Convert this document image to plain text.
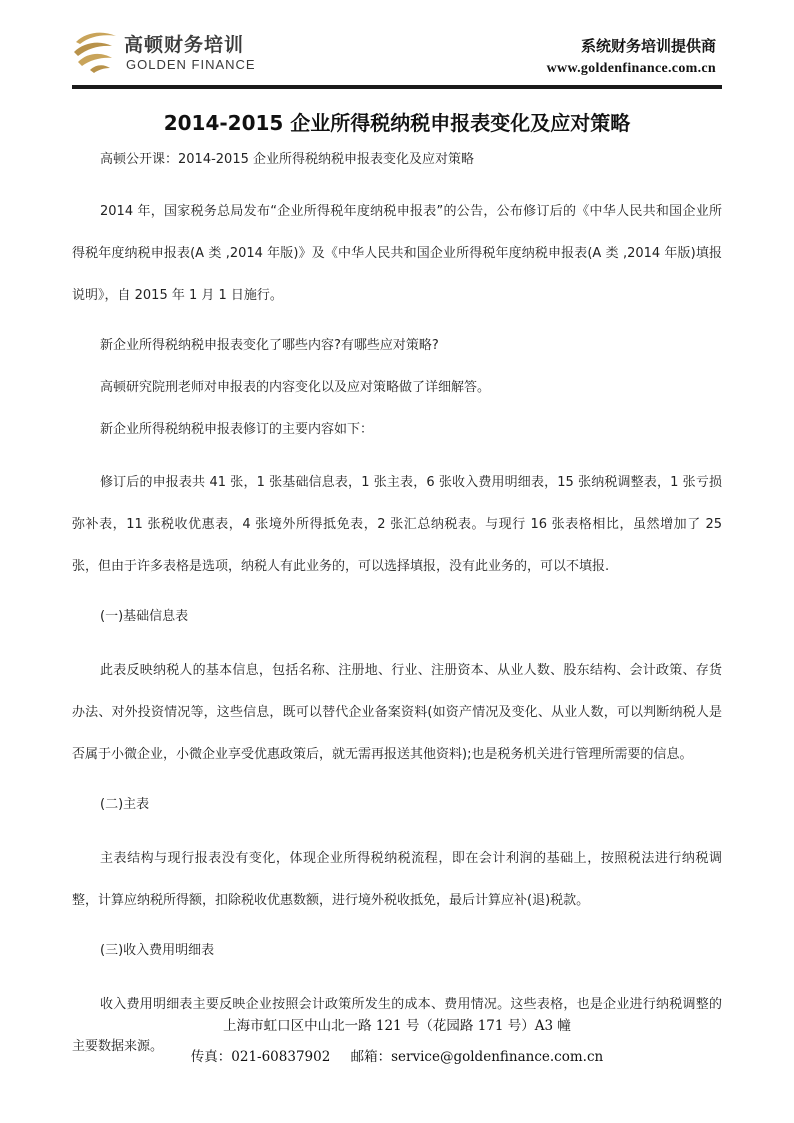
高顿财务培训
GOLDEN FINANCE
系统财务培训提供商
www.goldenfinance.com.cn
2014-2015 企业所得税纳税申报表变化及应对策略

高顿公开课：2014-2015 企业所得税纳税申报表变化及应对策略

2014 年，国家税务总局发布“企业所得税年度纳税申报表”的公告，公布修订后的《中华人民共和国企业所得税年度纳税申报表(A 类 ,2014 年版)》及《中华人民共和国企业所得税年度纳税申报表(A 类 ,2014 年版)填报说明》，自 2015 年 1 月 1 日施行。

新企业所得税纳税申报表变化了哪些内容?有哪些应对策略?

高顿研究院刑老师对申报表的内容变化以及应对策略做了详细解答。

新企业所得税纳税申报表修订的主要内容如下：

修订后的申报表共 41 张，1 张基础信息表，1 张主表，6 张收入费用明细表，15 张纳税调整表，1 张亏损弥补表，11 张税收优惠表，4 张境外所得抵免表，2 张汇总纳税表。与现行 16 张表格相比，虽然增加了 25 张，但由于许多表格是选项，纳税人有此业务的，可以选择填报，没有此业务的，可以不填报.

(一)基础信息表

此表反映纳税人的基本信息，包括名称、注册地、行业、注册资本、从业人数、股东结构、会计政策、存货办法、对外投资情况等，这些信息，既可以替代企业备案资料(如资产情况及变化、从业人数，可以判断纳税人是否属于小微企业，小微企业享受优惠政策后，就无需再报送其他资料);也是税务机关进行管理所需要的信息。

(二)主表

主表结构与现行报表没有变化，体现企业所得税纳税流程，即在会计利润的基础上，按照税法进行纳税调整，计算应纳税所得额，扣除税收优惠数额，进行境外税收抵免，最后计算应补(退)税款。

(三)收入费用明细表

收入费用明细表主要反映企业按照会计政策所发生的成本、费用情况。这些表格，也是企业进行纳税调整的主要数据来源。

上海市虹口区中山北一路 121 号（花园路 171 号）A3 幢
传真：021-60837902 邮箱：service@goldenfinance.com.cn
